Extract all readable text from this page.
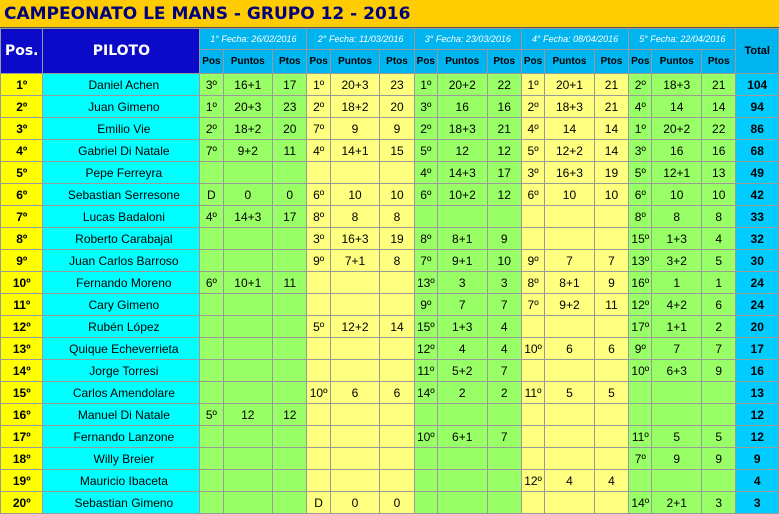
CAMPEONATO LE MANS - GRUPO 12 - 2016
Pos.	PILOTO	1° Fecha: 26/02/2016			2° Fecha: 11/03/2016			3° Fecha: 23/03/2016			4° Fecha: 08/04/2016			5° Fecha: 22/04/2016			Total
		Pos	Puntos	Ptos	Pos	Puntos	Ptos	Pos	Puntos	Ptos	Pos	Puntos	Ptos	Pos	Puntos	Ptos	
1º	Daniel Achen	3º	16+1	17	1º	20+3	23	1º	20+2	22	1º	20+1	21	2º	18+3	21	104
2º	Juan Gimeno	1º	20+3	23	2º	18+2	20	3º	16	16	2º	18+3	21	4º	14	14	94
3º	Emilio Vie	2º	18+2	20	7º	9	9	2º	18+3	21	4º	14	14	1º	20+2	22	86
4º	Gabriel Di Natale	7º	9+2	11	4º	14+1	15	5º	12	12	5º	12+2	14	3º	16	16	68
5º	Pepe Ferreyra							4º	14+3	17	3º	16+3	19	5º	12+1	13	49
6º	Sebastian Serresone	D	0	0	6º	10	10	6º	10+2	12	6º	10	10	6º	10	10	42
7º	Lucas Badaloni	4º	14+3	17	8º	8	8							8º	8	8	33
8º	Roberto Carabajal				3º	16+3	19	8º	8+1	9				15º	1+3	4	32
9º	Juan Carlos Barroso				9º	7+1	8	7º	9+1	10	9º	7	7	13º	3+2	5	30
10º	Fernando Moreno	6º	10+1	11				13º	3	3	8º	8+1	9	16º	1	1	24
11º	Cary Gimeno							9º	7	7	7º	9+2	11	12º	4+2	6	24
12º	Rubén López				5º	12+2	14	15º	1+3	4				17º	1+1	2	20
13º	Quique Echeverrieta							12º	4	4	10º	6	6	9º	7	7	17
14º	Jorge Torresi							11º	5+2	7				10º	6+3	9	16
15º	Carlos Amendolare				10º	6	6	14º	2	2	11º	5	5				13
16º	Manuel Di Natale	5º	12	12													12
17º	Fernando Lanzone							10º	6+1	7				11º	5	5	12
18º	Willy Breier													7º	9	9	9
19º	Mauricio Ibaceta										12º	4	4				4
20º	Sebastian Gimeno				D	0	0							14º	2+1	3	3
